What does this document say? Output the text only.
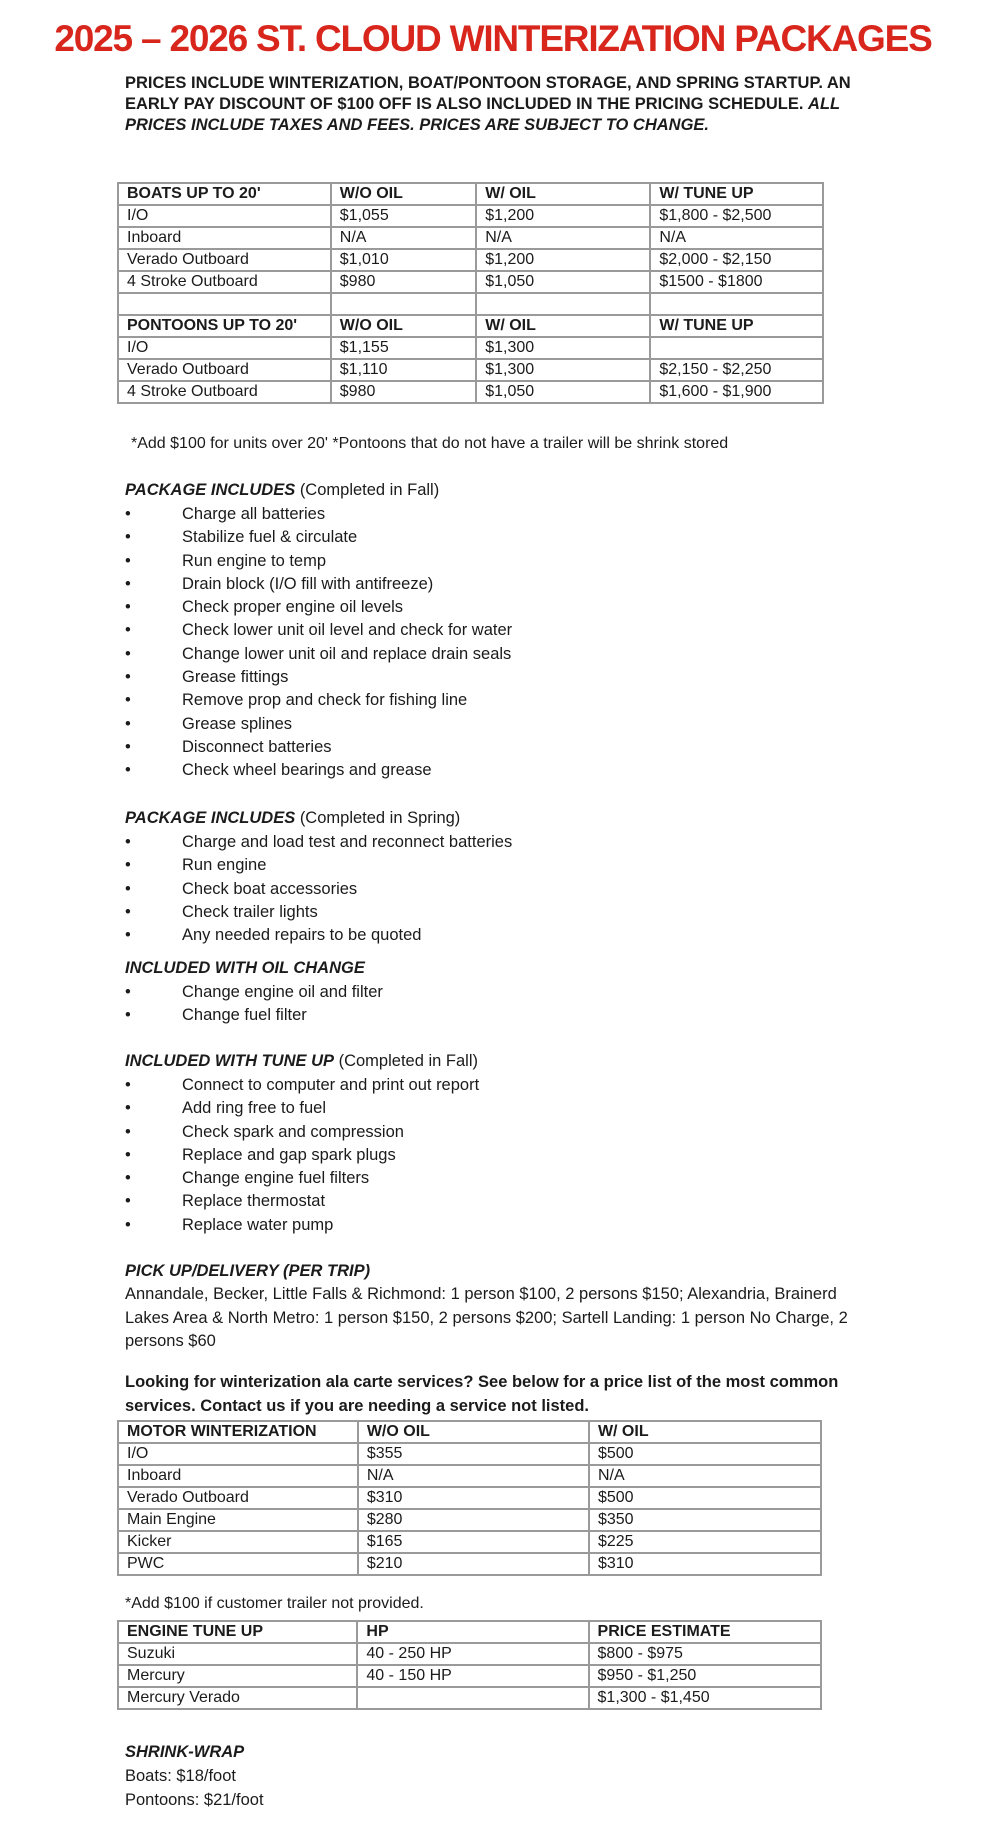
2025 – 2026 ST. CLOUD WINTERIZATION PACKAGES

PRICES INCLUDE WINTERIZATION, BOAT/PONTOON STORAGE, AND SPRING STARTUP. AN EARLY PAY DISCOUNT OF $100 OFF IS ALSO INCLUDED IN THE PRICING SCHEDULE. ALL PRICES INCLUDE TAXES AND FEES. PRICES ARE SUBJECT TO CHANGE.

BOATS UP TO 20'	W/O OIL	W/ OIL	W/ TUNE UP
I/O	$1,055	$1,200	$1,800 - $2,500
Inboard	N/A	N/A	N/A
Verado Outboard	$1,010	$1,200	$2,000 - $2,150
4 Stroke Outboard	$980	$1,050	$1500 - $1800

PONTOONS UP TO 20'	W/O OIL	W/ OIL	W/ TUNE UP
I/O	$1,155	$1,300	
Verado Outboard	$1,110	$1,300	$2,150 - $2,250
4 Stroke Outboard	$980	$1,050	$1,600 - $1,900

*Add $100 for units over 20' *Pontoons that do not have a trailer will be shrink stored

PACKAGE INCLUDES (Completed in Fall)

•	Charge all batteries
•	Stabilize fuel & circulate
•	Run engine to temp
•	Drain block (I/O fill with antifreeze)
•	Check proper engine oil levels
•	Check lower unit oil level and check for water
•	Change lower unit oil and replace drain seals
•	Grease fittings
•	Remove prop and check for fishing line
•	Grease splines
•	Disconnect batteries
•	Check wheel bearings and grease

PACKAGE INCLUDES (Completed in Spring)

•	Charge and load test and reconnect batteries
•	Run engine
•	Check boat accessories
•	Check trailer lights
•	Any needed repairs to be quoted

INCLUDED WITH OIL CHANGE

•	Change engine oil and filter
•	Change fuel filter

INCLUDED WITH TUNE UP (Completed in Fall)

•	Connect to computer and print out report
•	Add ring free to fuel
•	Check spark and compression
•	Replace and gap spark plugs
•	Change engine fuel filters
•	Replace thermostat
•	Replace water pump

PICK UP/DELIVERY (PER TRIP)

Annandale, Becker, Little Falls & Richmond: 1 person $100, 2 persons $150; Alexandria, Brainerd Lakes Area & North Metro: 1 person $150, 2 persons $200; Sartell Landing: 1 person No Charge, 2 persons $60

Looking for winterization ala carte services? See below for a price list of the most common services. Contact us if you are needing a service not listed.

MOTOR WINTERIZATION	W/O OIL	W/ OIL
I/O	$355	$500
Inboard	N/A	N/A
Verado Outboard	$310	$500
Main Engine	$280	$350
Kicker	$165	$225
PWC	$210	$310

*Add $100 if customer trailer not provided.

ENGINE TUNE UP	HP	PRICE ESTIMATE
Suzuki	40 - 250 HP	$800 - $975
Mercury	40 - 150 HP	$950 - $1,250
Mercury Verado		$1,300 - $1,450

SHRINK-WRAP

Boats: $18/foot

Pontoons: $21/foot
